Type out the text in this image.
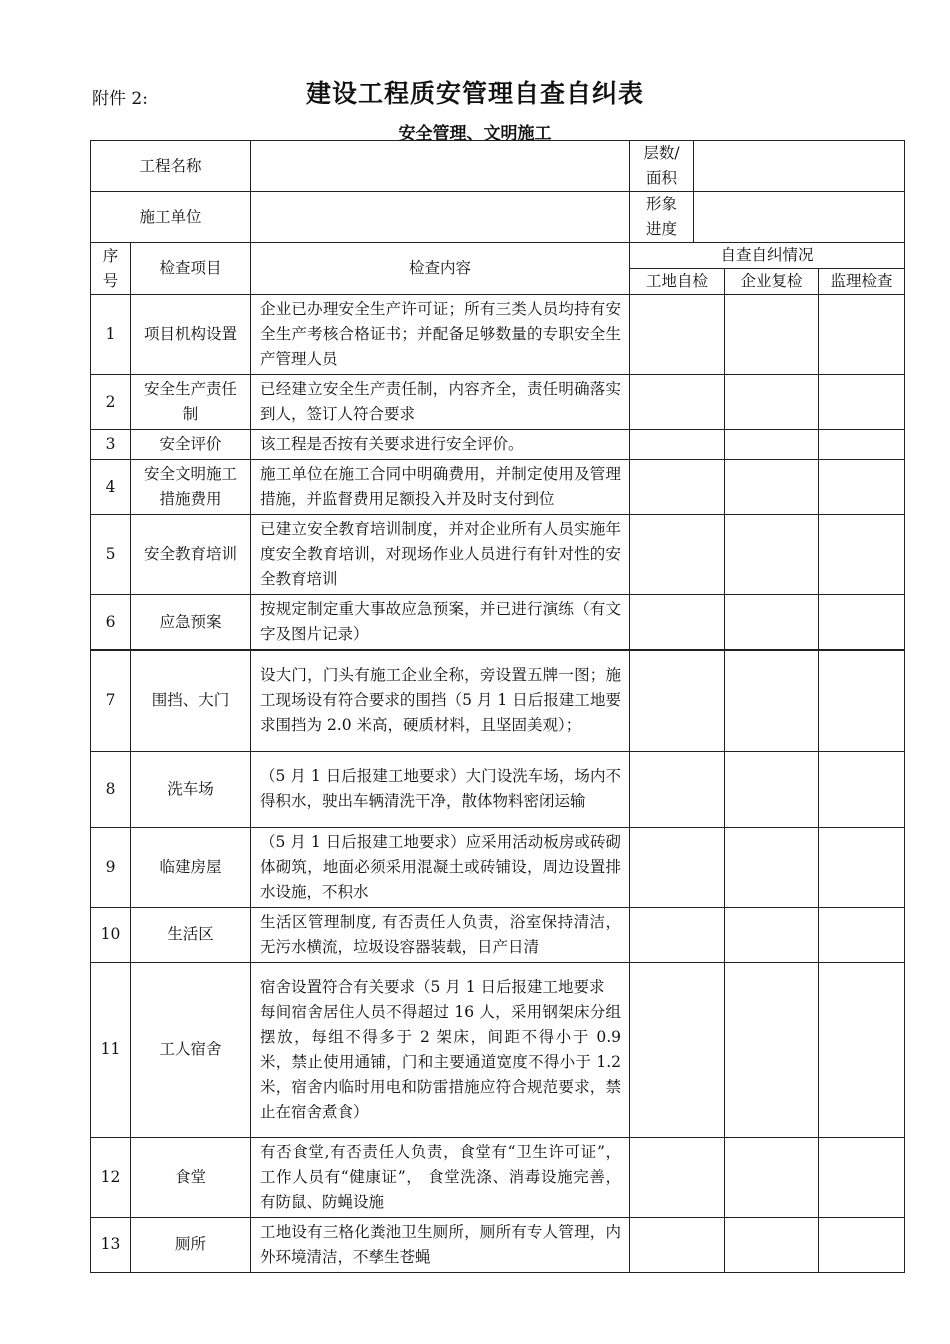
附件 2:	建设工程质安管理自查自纠表
安全管理、文明施工
工程名称			层数/面积			
施工单位			形象进度			
序号	检查项目	检查内容	自查自纠情况			
			工地自检		企业复检	监理检查
1	项目机构设置	企业已办理安全生产许可证；所有三类人员均持有安全生产考核合格证书；并配备足够数量的专职安全生产管理人员				
2	安全生产责任制	已经建立安全生产责任制，内容齐全，责任明确落实到人，签订人符合要求				
3	安全评价	该工程是否按有关要求进行安全评价。				
4	安全文明施工措施费用	施工单位在施工合同中明确费用，并制定使用及管理措施，并监督费用足额投入并及时支付到位				
5	安全教育培训	已建立安全教育培训制度，并对企业所有人员实施年度安全教育培训，对现场作业人员进行有针对性的安全教育培训				
6	应急预案	按规定制定重大事故应急预案，并已进行演练（有文字及图片记录）				
7	围挡、大门	设大门，门头有施工企业全称，旁设置五牌一图；施工现场设有符合要求的围挡（5 月 1 日后报建工地要求围挡为 2.0 米高，硬质材料，且坚固美观）；				
8	洗车场	（5 月 1 日后报建工地要求）大门设洗车场，场内不得积水，驶出车辆清洗干净，散体物料密闭运输				
9	临建房屋	（5 月 1 日后报建工地要求）应采用活动板房或砖砌体砌筑，地面必须采用混凝土或砖铺设，周边设置排水设施，不积水				
10	生活区	生活区管理制度, 有否责任人负责，浴室保持清洁，无污水横流，垃圾设容器装载，日产日清				
11	工人宿舍	宿舍设置符合有关要求（5 月 1 日后报建工地要求
每间宿舍居住人员不得超过 16 人，采用钢架床分组摆放，每组不得多于 2 架床，间距不得小于 0.9 米，禁止使用通铺，门和主要通道宽度不得小于 1.2 米，宿舍内临时用电和防雷措施应符合规范要求，禁止在宿舍煮食）				
12	食堂	有否食堂,有否责任人负责，食堂有“卫生许可证”， 工作人员有“健康证”， 食堂洗涤、消毒设施完善，有防鼠、防蝇设施				
13	厕所	工地设有三格化粪池卫生厕所，厕所有专人管理，内外环境清洁，不孳生苍蝇				
